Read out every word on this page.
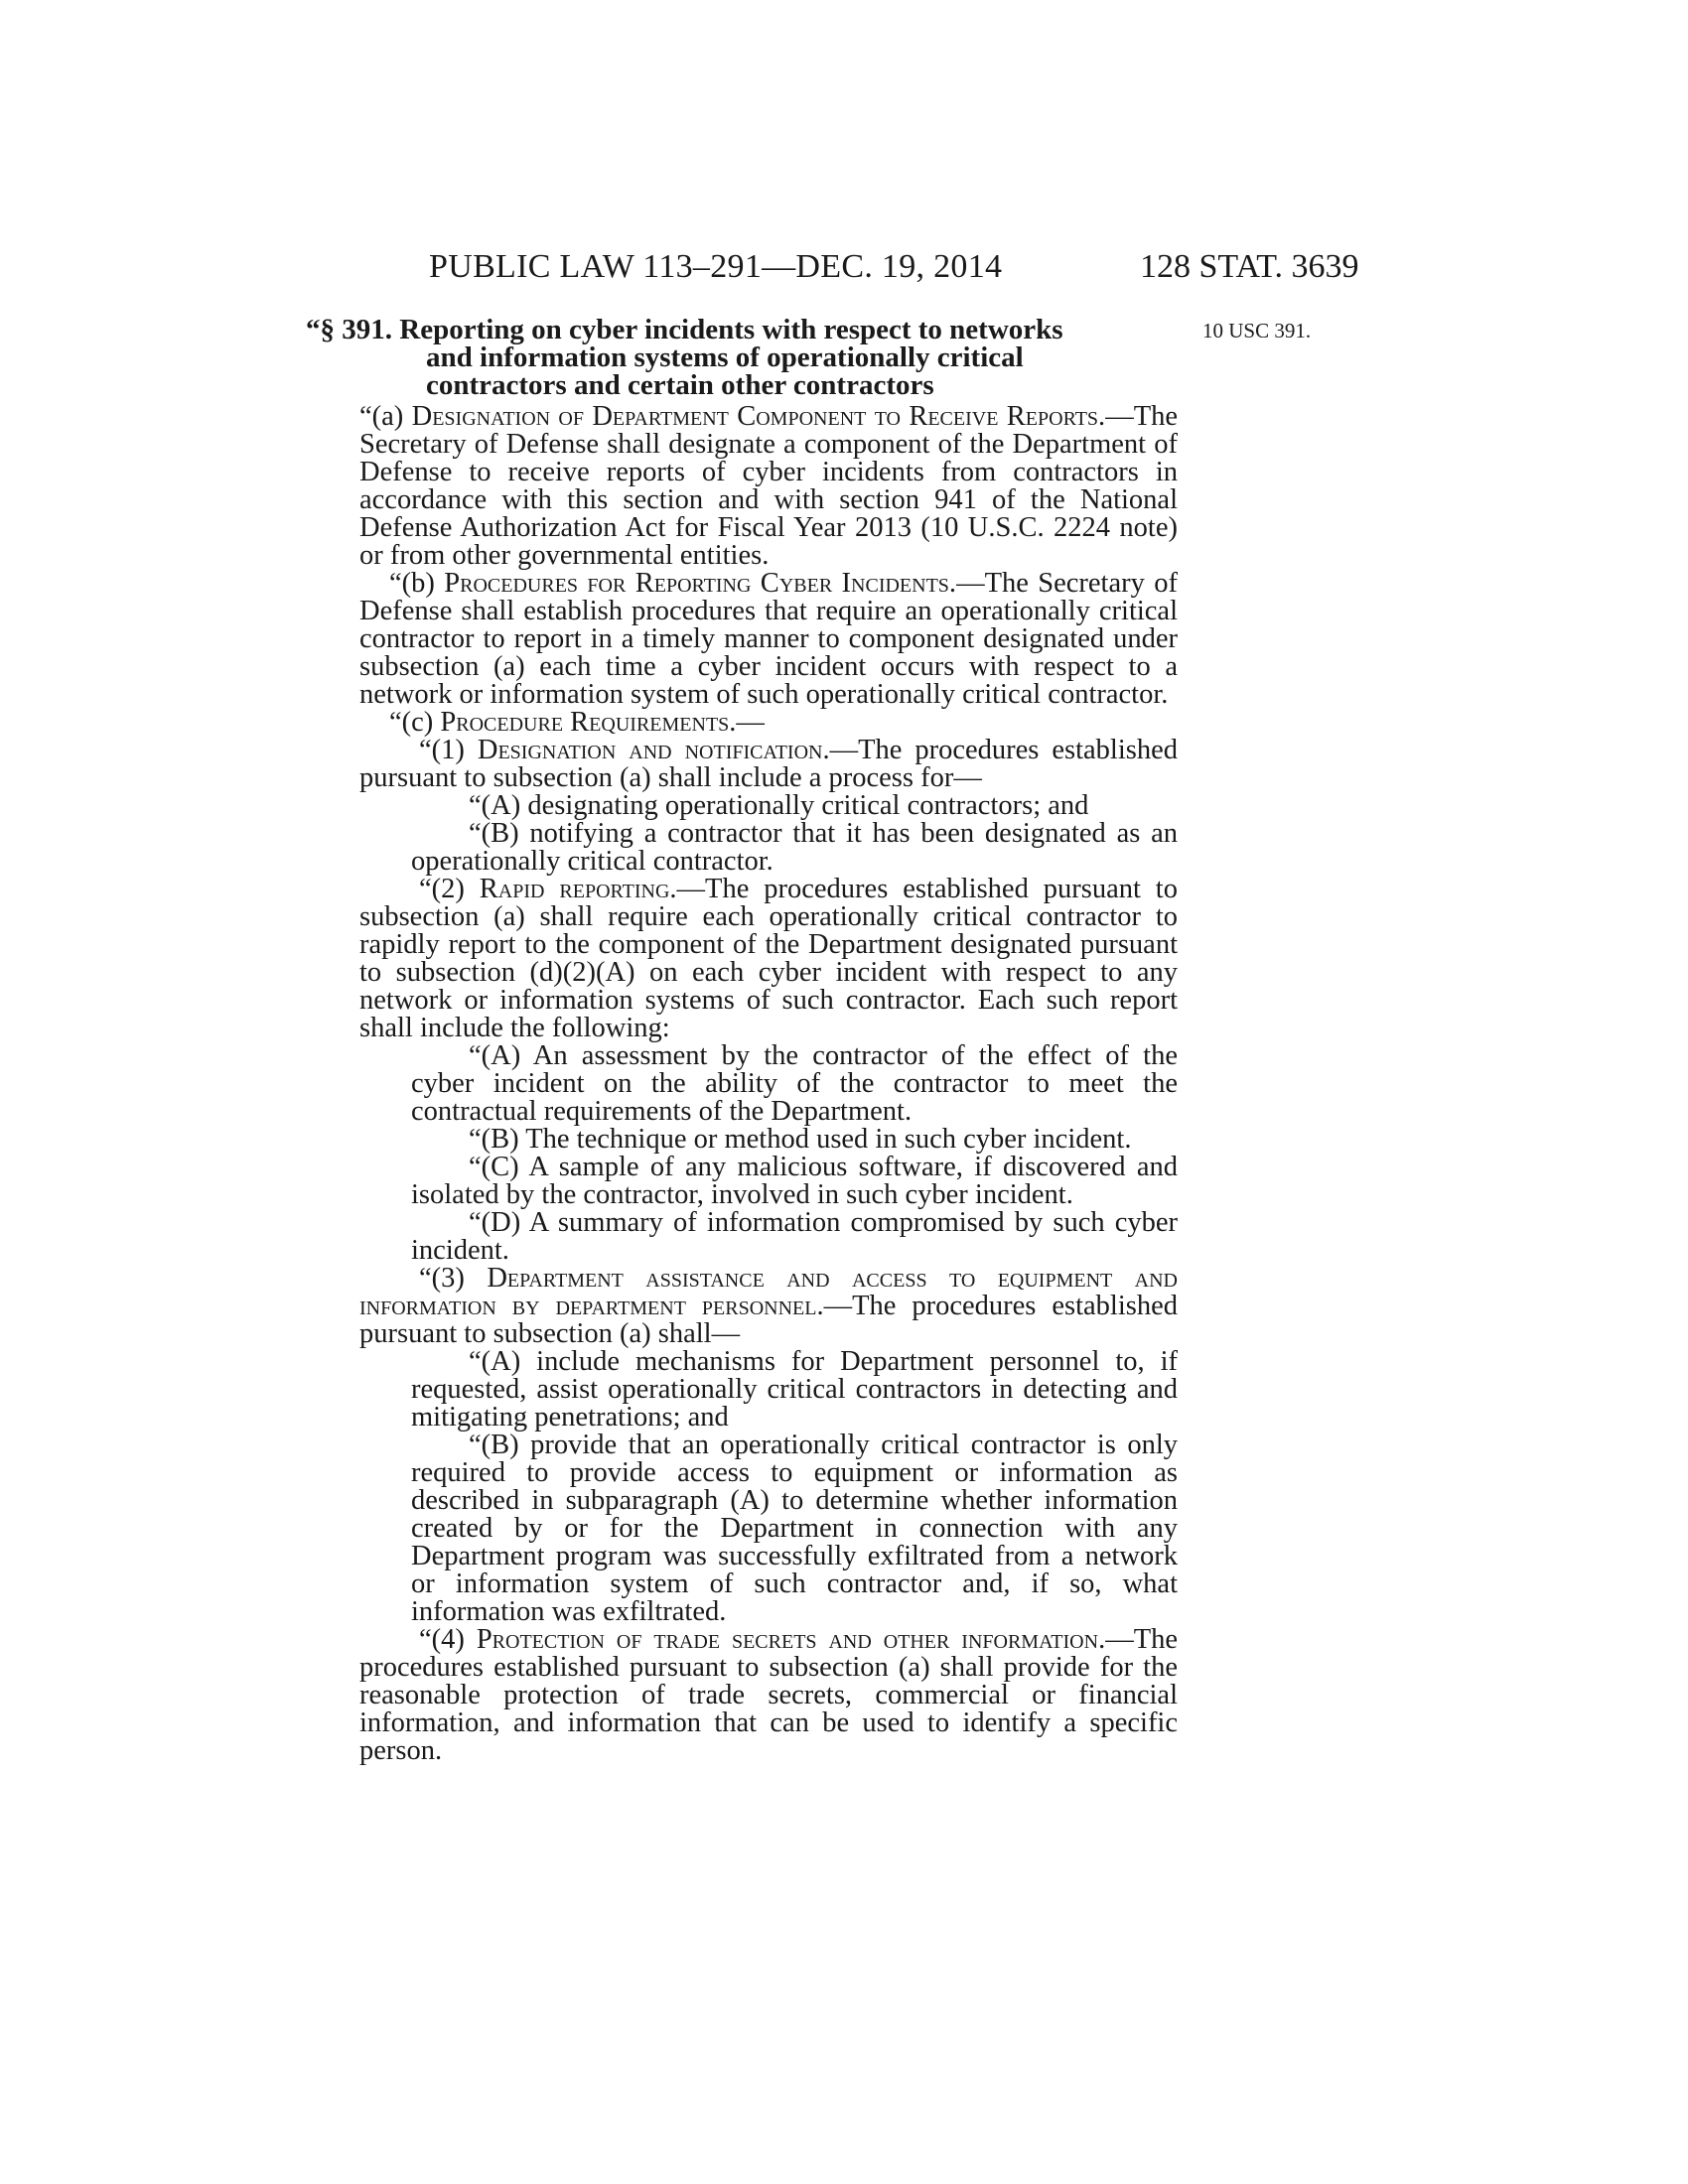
PUBLIC LAW 113–291—DEC. 19, 2014	128 STAT. 3639
10 USC 391.
“§ 391. Reporting on cyber incidents with respect to networks
and information systems of operationally critical
contractors and certain other contractors

“(a) Designation of Department Component to Receive Reports.—The Secretary of Defense shall designate a component of the Department of Defense to receive reports of cyber incidents from contractors in accordance with this section and with section 941 of the National Defense Authorization Act for Fiscal Year 2013 (10 U.S.C. 2224 note) or from other governmental entities.

“(b) Procedures for Reporting Cyber Incidents.—The Secretary of Defense shall establish procedures that require an operationally critical contractor to report in a timely manner to component designated under subsection (a) each time a cyber incident occurs with respect to a network or information system of such operationally critical contractor.

“(c) Procedure Requirements.—

“(1) Designation and notification.—The procedures established pursuant to subsection (a) shall include a process for—

“(A) designating operationally critical contractors; and

“(B) notifying a contractor that it has been designated as an operationally critical contractor.

“(2) Rapid reporting.—The procedures established pursuant to subsection (a) shall require each operationally critical contractor to rapidly report to the component of the Department designated pursuant to subsection (d)(2)(A) on each cyber incident with respect to any network or information systems of such contractor. Each such report shall include the following:

“(A) An assessment by the contractor of the effect of the cyber incident on the ability of the contractor to meet the contractual requirements of the Department.

“(B) The technique or method used in such cyber incident.

“(C) A sample of any malicious software, if discovered and isolated by the contractor, involved in such cyber incident.

“(D) A summary of information compromised by such cyber incident.

“(3) Department assistance and access to equipment and information by department personnel.—The procedures established pursuant to subsection (a) shall—

“(A) include mechanisms for Department personnel to, if requested, assist operationally critical contractors in detecting and mitigating penetrations; and

“(B) provide that an operationally critical contractor is only required to provide access to equipment or information as described in subparagraph (A) to determine whether information created by or for the Department in connection with any Department program was successfully exfiltrated from a network or information system of such contractor and, if so, what information was exfiltrated.

“(4) Protection of trade secrets and other information.—The procedures established pursuant to subsection (a) shall provide for the reasonable protection of trade secrets, commercial or financial information, and information that can be used to identify a specific person.
